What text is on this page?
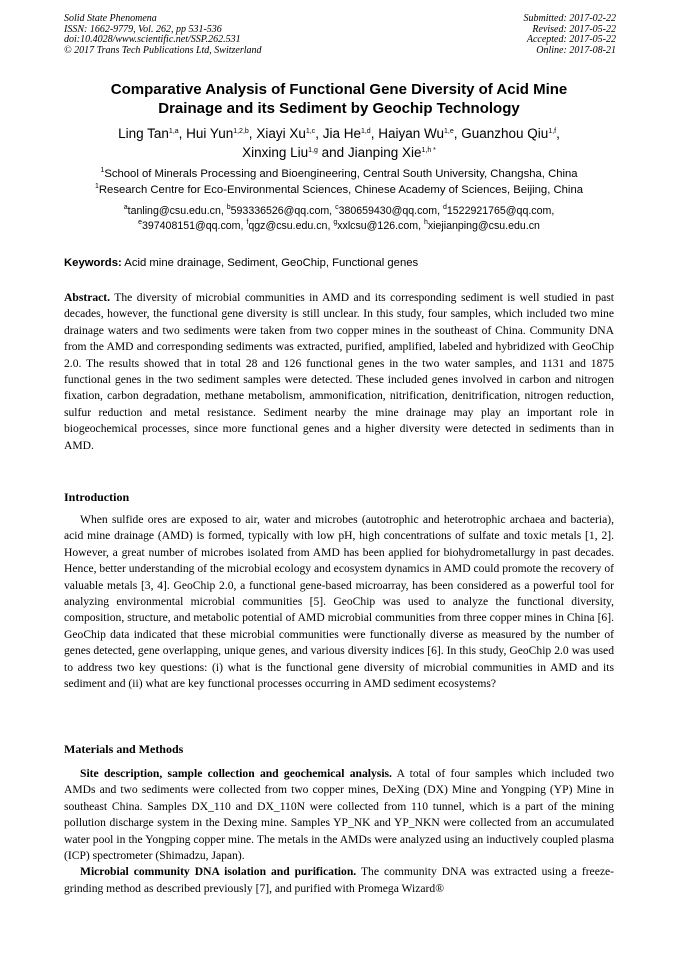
Solid State Phenomena
ISSN: 1662-9779, Vol. 262, pp 531-536
doi:10.4028/www.scientific.net/SSP.262.531
© 2017 Trans Tech Publications Ltd, Switzerland
Submitted: 2017-02-22
Revised: 2017-05-22
Accepted: 2017-05-22
Online: 2017-08-21
Comparative Analysis of Functional Gene Diversity of Acid Mine
Drainage and its Sediment by Geochip Technology
Ling Tan$^{1,a}$, Hui Yun$^{1,2,b}$, Xiayi Xu$^{1,c}$, Jia He$^{1,d}$, Haiyan Wu$^{1,e}$, Guanzhou Qiu$^{1,f}$,
Xinxing Liu$^{1,g}$ and Jianping Xie$^{1,h *}$
$^1$School of Minerals Processing and Bioengineering, Central South University, Changsha, China
$^1$Research Centre for Eco-Environmental Sciences, Chinese Academy of Sciences, Beijing, China
$^a$tanling@csu.edu.cn, $^b$593336526@qq.com, $^c$380659430@qq.com, $^d$1522921765@qq.com,
$^e$397408151@qq.com, $^f$qgz@csu.edu.cn, $^g$xxlcsu@126.com, $^h$xiejianping@csu.edu.cn
Keywords: Acid mine drainage, Sediment, GeoChip, Functional genes
Abstract. The diversity of microbial communities in AMD and its corresponding sediment is well studied in past decades, however, the functional gene diversity is still unclear. In this study, four samples, which included two mine drainage waters and two sediments were taken from two copper mines in the southeast of China. Community DNA from the AMD and corresponding sediments was extracted, purified, amplified, labeled and hybridized with GeoChip 2.0. The results showed that in total 28 and 126 functional genes in the two water samples, and 1131 and 1875 functional genes in the two sediment samples were detected. These included genes involved in carbon and nitrogen fixation, carbon degradation, methane metabolism, ammonification, nitrification, denitrification, nitrogen reduction, sulfur reduction and metal resistance. Sediment nearby the mine drainage may play an important role in biogeochemical processes, since more functional genes and a higher diversity were detected in sediments than in AMD.
Introduction
When sulfide ores are exposed to air, water and microbes (autotrophic and heterotrophic archaea and bacteria), acid mine drainage (AMD) is formed, typically with low pH, high concentrations of sulfate and toxic metals [1, 2]. However, a great number of microbes isolated from AMD has been applied for biohydrometallurgy in past decades. Hence, better understanding of the microbial ecology and ecosystem dynamics in AMD could promote the recovery of valuable metals [3, 4]. GeoChip 2.0, a functional gene-based microarray, has been considered as a powerful tool for analyzing environmental microbial communities [5]. GeoChip was used to analyze the functional diversity, composition, structure, and metabolic potential of AMD microbial communities from three copper mines in China [6]. GeoChip data indicated that these microbial communities were functionally diverse as measured by the number of genes detected, gene overlapping, unique genes, and various diversity indices [6]. In this study, GeoChip 2.0 was used to address two key questions: (i) what is the functional gene diversity of microbial communities in AMD and its sediment and (ii) what are key functional processes occurring in AMD sediment ecosystems?
Materials and Methods

Site description, sample collection and geochemical analysis. A total of four samples which included two AMDs and two sediments were collected from two copper mines, DeXing (DX) Mine and Yongping (YP) Mine in southeast China. Samples DX_110 and DX_110N were collected from 110 tunnel, which is a part of the mining pollution discharge system in the Dexing mine. Samples YP_NK and YP_NKN were collected from an accumulated water pool in the Yongping copper mine. The metals in the AMDs were analyzed using an inductively coupled plasma (ICP) spectrometer (Shimadzu, Japan).

Microbial community DNA isolation and purification. The community DNA was extracted using a freeze-grinding method as described previously [7], and purified with Promega Wizard®
